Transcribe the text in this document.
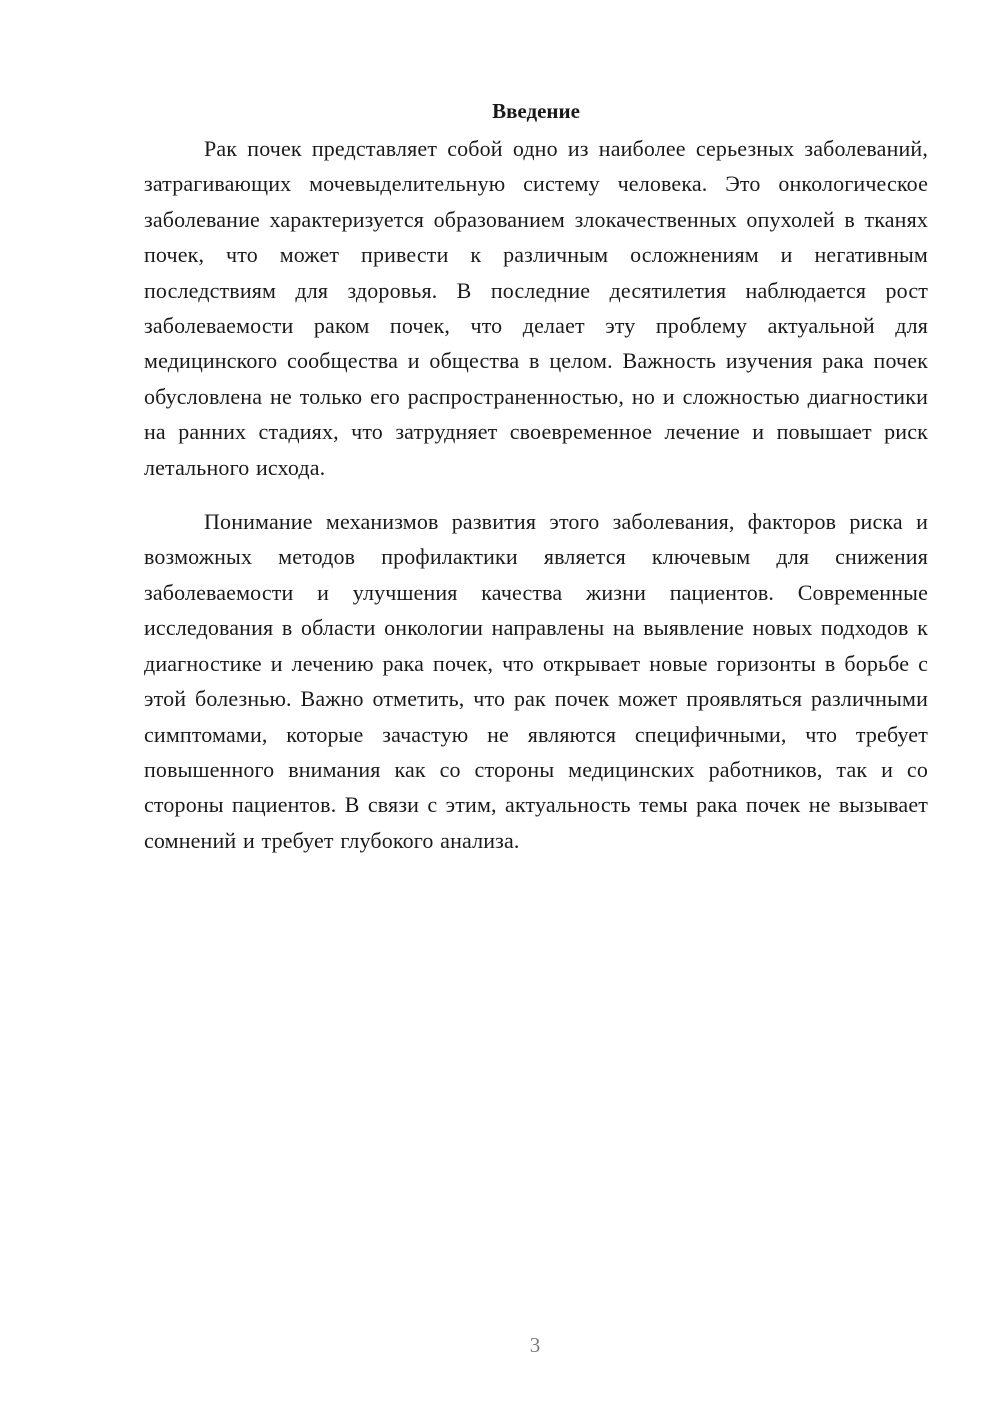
Введение

Рак почек представляет собой одно из наиболее серьезных заболеваний, затрагивающих мочевыделительную систему человека. Это онкологическое заболевание характеризуется образованием злокачественных опухолей в тканях почек, что может привести к различным осложнениям и негативным последствиям для здоровья. В последние десятилетия наблюдается рост заболеваемости раком почек, что делает эту проблему актуальной для медицинского сообщества и общества в целом. Важность изучения рака почек обусловлена не только его распространенностью, но и сложностью диагностики на ранних стадиях, что затрудняет своевременное лечение и повышает риск летального исхода.

Понимание механизмов развития этого заболевания, факторов риска и возможных методов профилактики является ключевым для снижения заболеваемости и улучшения качества жизни пациентов. Современные исследования в области онкологии направлены на выявление новых подходов к диагностике и лечению рака почек, что открывает новые горизонты в борьбе с этой болезнью. Важно отметить, что рак почек может проявляться различными симптомами, которые зачастую не являются специфичными, что требует повышенного внимания как со стороны медицинских работников, так и со стороны пациентов. В связи с этим, актуальность темы рака почек не вызывает сомнений и требует глубокого анализа.

3
